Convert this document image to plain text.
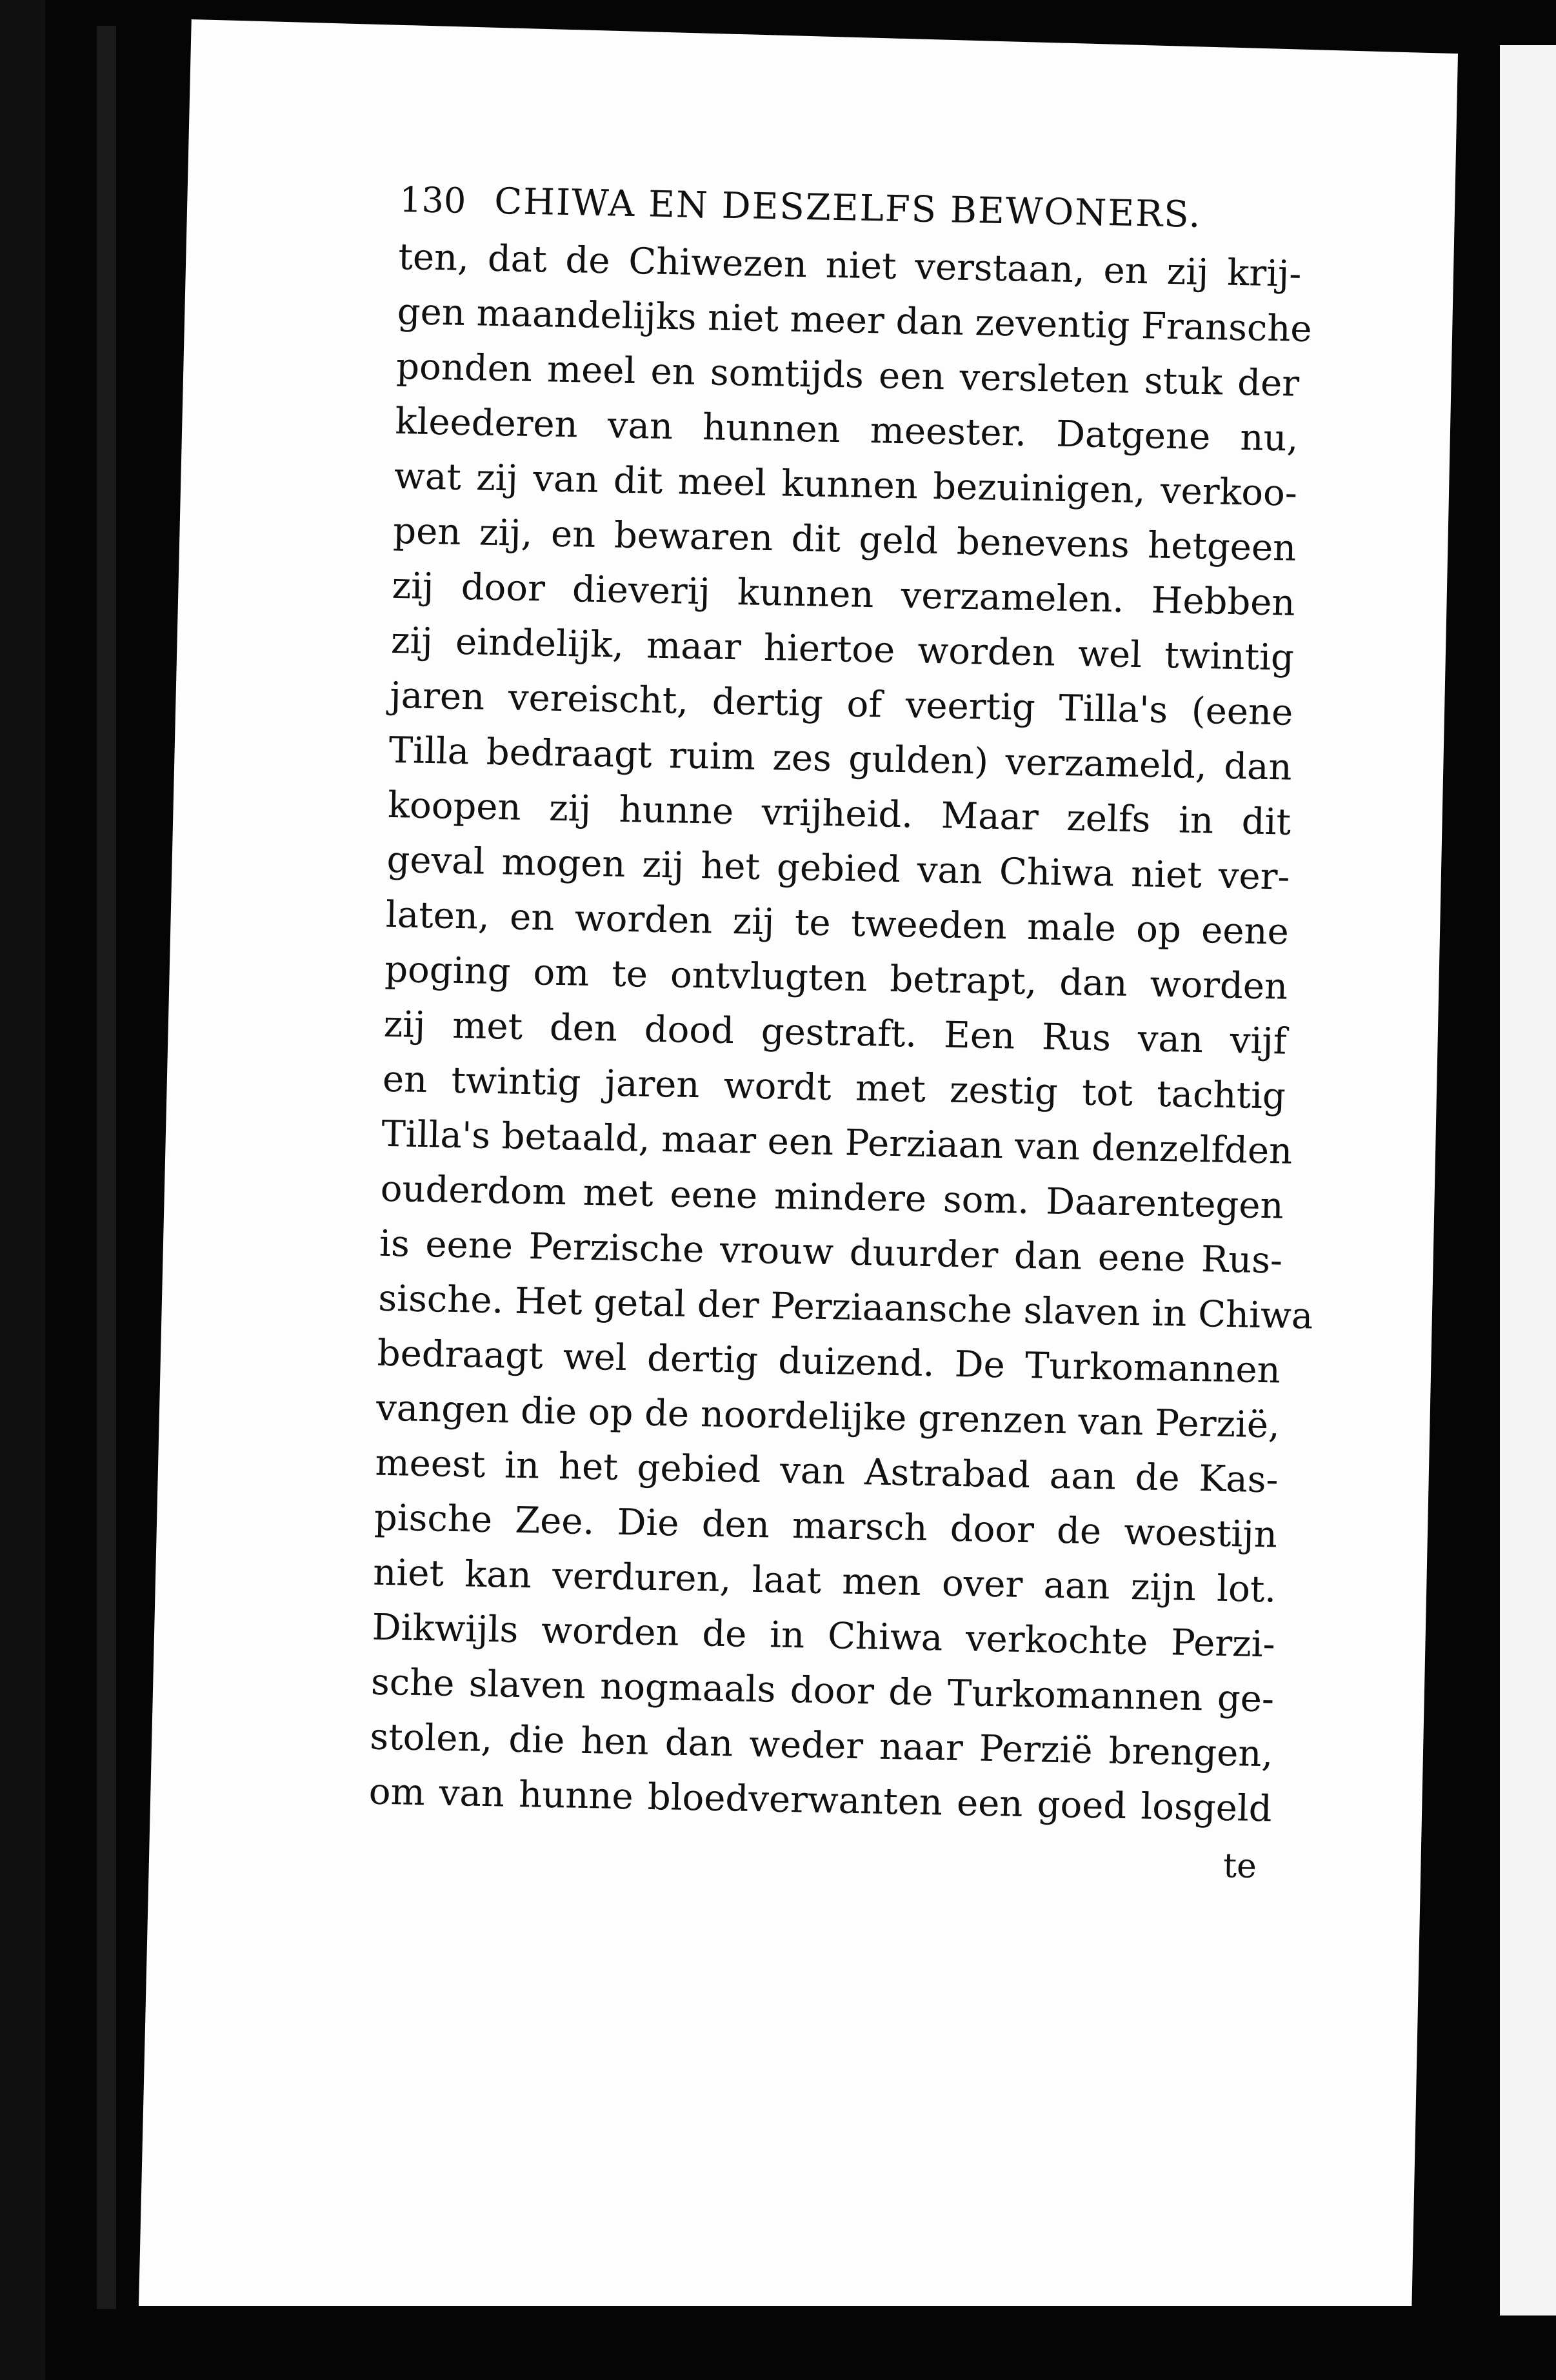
130 CHIWA EN DESZELFS BEWONERS.
ten, dat de Chiwezen niet verstaan, en zij krij-
gen maandelijks niet meer dan zeventig Fransche
ponden meel en somtijds een versleten stuk der
kleederen van hunnen meester. Datgene nu,
wat zij van dit meel kunnen bezuinigen, verkoo-
pen zij, en bewaren dit geld benevens hetgeen
zij door dieverij kunnen verzamelen. Hebben
zij eindelijk, maar hiertoe worden wel twintig
jaren vereischt, dertig of veertig Tilla's (eene
Tilla bedraagt ruim zes gulden) verzameld, dan
koopen zij hunne vrijheid. Maar zelfs in dit
geval mogen zij het gebied van Chiwa niet ver-
laten, en worden zij te tweeden male op eene
poging om te ontvlugten betrapt, dan worden
zij met den dood gestraft. Een Rus van vijf
en twintig jaren wordt met zestig tot tachtig
Tilla's betaald, maar een Perziaan van denzelfden
ouderdom met eene mindere som. Daarentegen
is eene Perzische vrouw duurder dan eene Rus-
sische. Het getal der Perziaansche slaven in Chiwa
bedraagt wel dertig duizend. De Turkomannen
vangen die op de noordelijke grenzen van Perzië,
meest in het gebied van Astrabad aan de Kas-
pische Zee. Die den marsch door de woestijn
niet kan verduren, laat men over aan zijn lot.
Dikwijls worden de in Chiwa verkochte Perzi-
sche slaven nogmaals door de Turkomannen ge-
stolen, die hen dan weder naar Perzië brengen,
om van hunne bloedverwanten een goed losgeld
te
